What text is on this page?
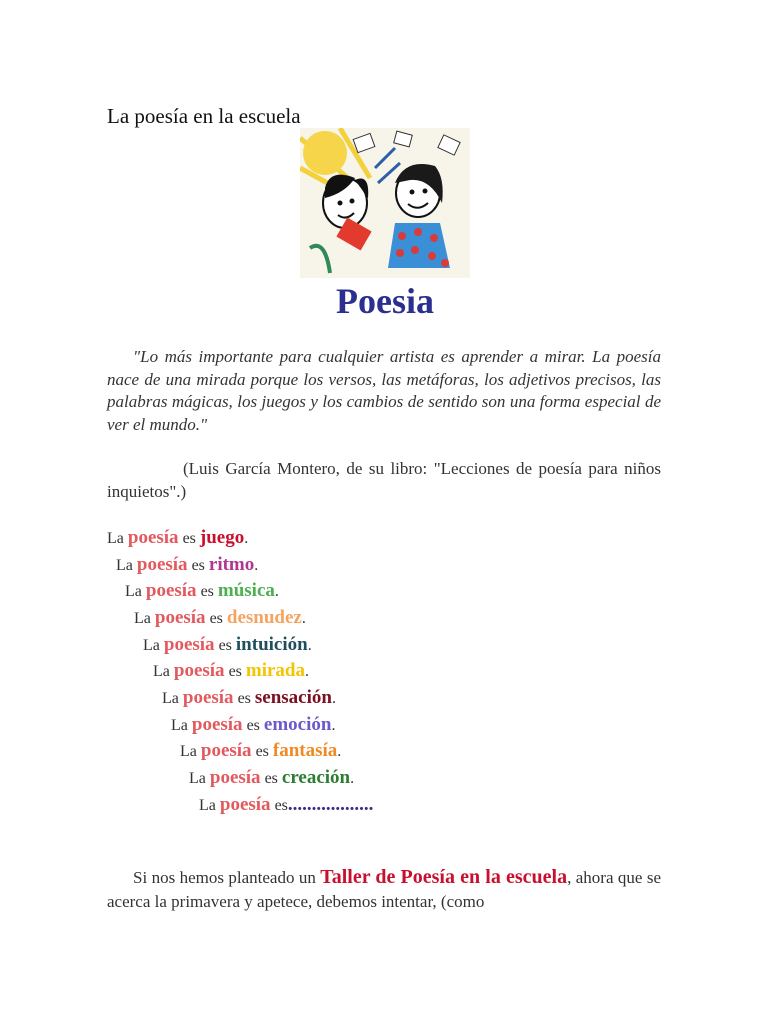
La poesía en la escuela
Poesia
"Lo más importante para cualquier artista es aprender a mirar. La poesía nace de una mirada porque los versos, las metáforas, los adjetivos precisos, las palabras mágicas, los juegos y los cambios de sentido son una forma especial de ver el mundo."
(Luis García Montero, de su libro: "Lecciones de poesía para niños inquietos".)
La poesía es juego.
La poesía es ritmo.
La poesía es música.
La poesía es desnudez.
La poesía es intuición.
La poesía es mirada.
La poesía es sensación.
La poesía es emoción.
La poesía es fantasía.
La poesía es creación.
La poesía es..................
Si nos hemos planteado un Taller de Poesía en la escuela, ahora que se acerca la primavera y apetece, debemos intentar, (como
